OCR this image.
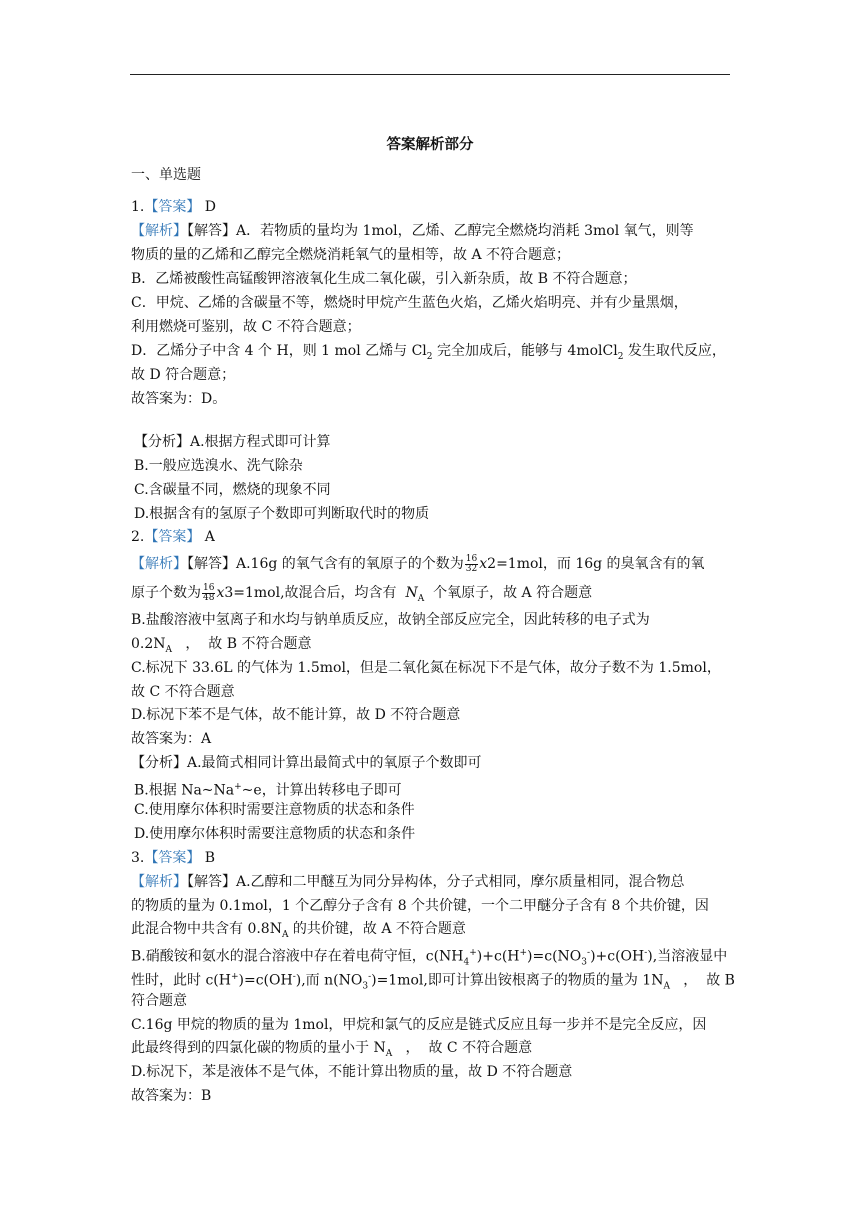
答案解析部分
一、单选题
1.【答案】 D
【解析】【解答】A．若物质的量均为 1mol，乙烯、乙醇完全燃烧均消耗 3mol 氧气，则等
物质的量的乙烯和乙醇完全燃烧消耗氧气的量相等，故 A 不符合题意；
B．乙烯被酸性高锰酸钾溶液氧化生成二氧化碳，引入新杂质，故 B 不符合题意；
C．甲烷、乙烯的含碳量不等，燃烧时甲烷产生蓝色火焰，乙烯火焰明亮、并有少量黑烟，
利用燃烧可鉴别，故 C 不符合题意；
D．乙烯分子中含 4 个 H，则 1 mol 乙烯与 $Cl_2$ 完全加成后，能够与 4molCl$_2$ 发生取代反应，
故 D 符合题意；
故答案为：D。
【分析】A.根据方程式即可计算
B.一般应选溴水、洗气除杂
C.含碳量不同，燃烧的现象不同
D.根据含有的氢原子个数即可判断取代时的物质
2.【答案】 A
【解析】【解答】A.16g 的氧气含有的氧原子的个数为 $\frac{16}{32} x2=1mol$，而 16g 的臭氧含有的氧
原子个数为 $\frac{16}{48} x3=1mol$,故混合后，均含有  $N_A$  个氧原子，故 A 符合题意
B.盐酸溶液中氢离子和水均与钠单质反应，故钠全部反应完全，因此转移的电子式为
$0.2N_A$   ，  故 B 不符合题意
C.标况下 33.6L 的气体为 1.5mol，但是二氧化氮在标况下不是气体，故分子数不为 1.5mol，
故 C 不符合题意
D.标况下苯不是气体，故不能计算，故 D 不符合题意
故答案为：A
【分析】A.最简式相同计算出最简式中的氧原子个数即可
B.根据 Na~Na+~e，计算出转移电子即可
C.使用摩尔体积时需要注意物质的状态和条件
D.使用摩尔体积时需要注意物质的状态和条件
3.【答案】 B
【解析】【解答】A.乙醇和二甲醚互为同分异构体，分子式相同，摩尔质量相同，混合物总
的物质的量为 0.1mol，1 个乙醇分子含有 8 个共价键，一个二甲醚分子含有 8 个共价键，因
此混合物中共含有 $0.8N_A$ 的共价键，故 A 不符合题意
B.硝酸铵和氨水的混合溶液中存在着电荷守恒，$c(NH_4^+)+c(H^+)=c(NO_3^-)+c(OH^-)$,当溶液显中
性时，此时 c(H+)=c(OH-),而 $n(NO_3^-)=1mol$,即可计算出铵根离子的物质的量为 $1N_A$   ，  故 B
符合题意
C.16g 甲烷的物质的量为 1mol，甲烷和氯气的反应是链式反应且每一步并不是完全反应，因
此最终得到的四氯化碳的物质的量小于 $N_A$   ，  故 C 不符合题意
D.标况下，苯是液体不是气体，不能计算出物质的量，故 D 不符合题意
故答案为：B
